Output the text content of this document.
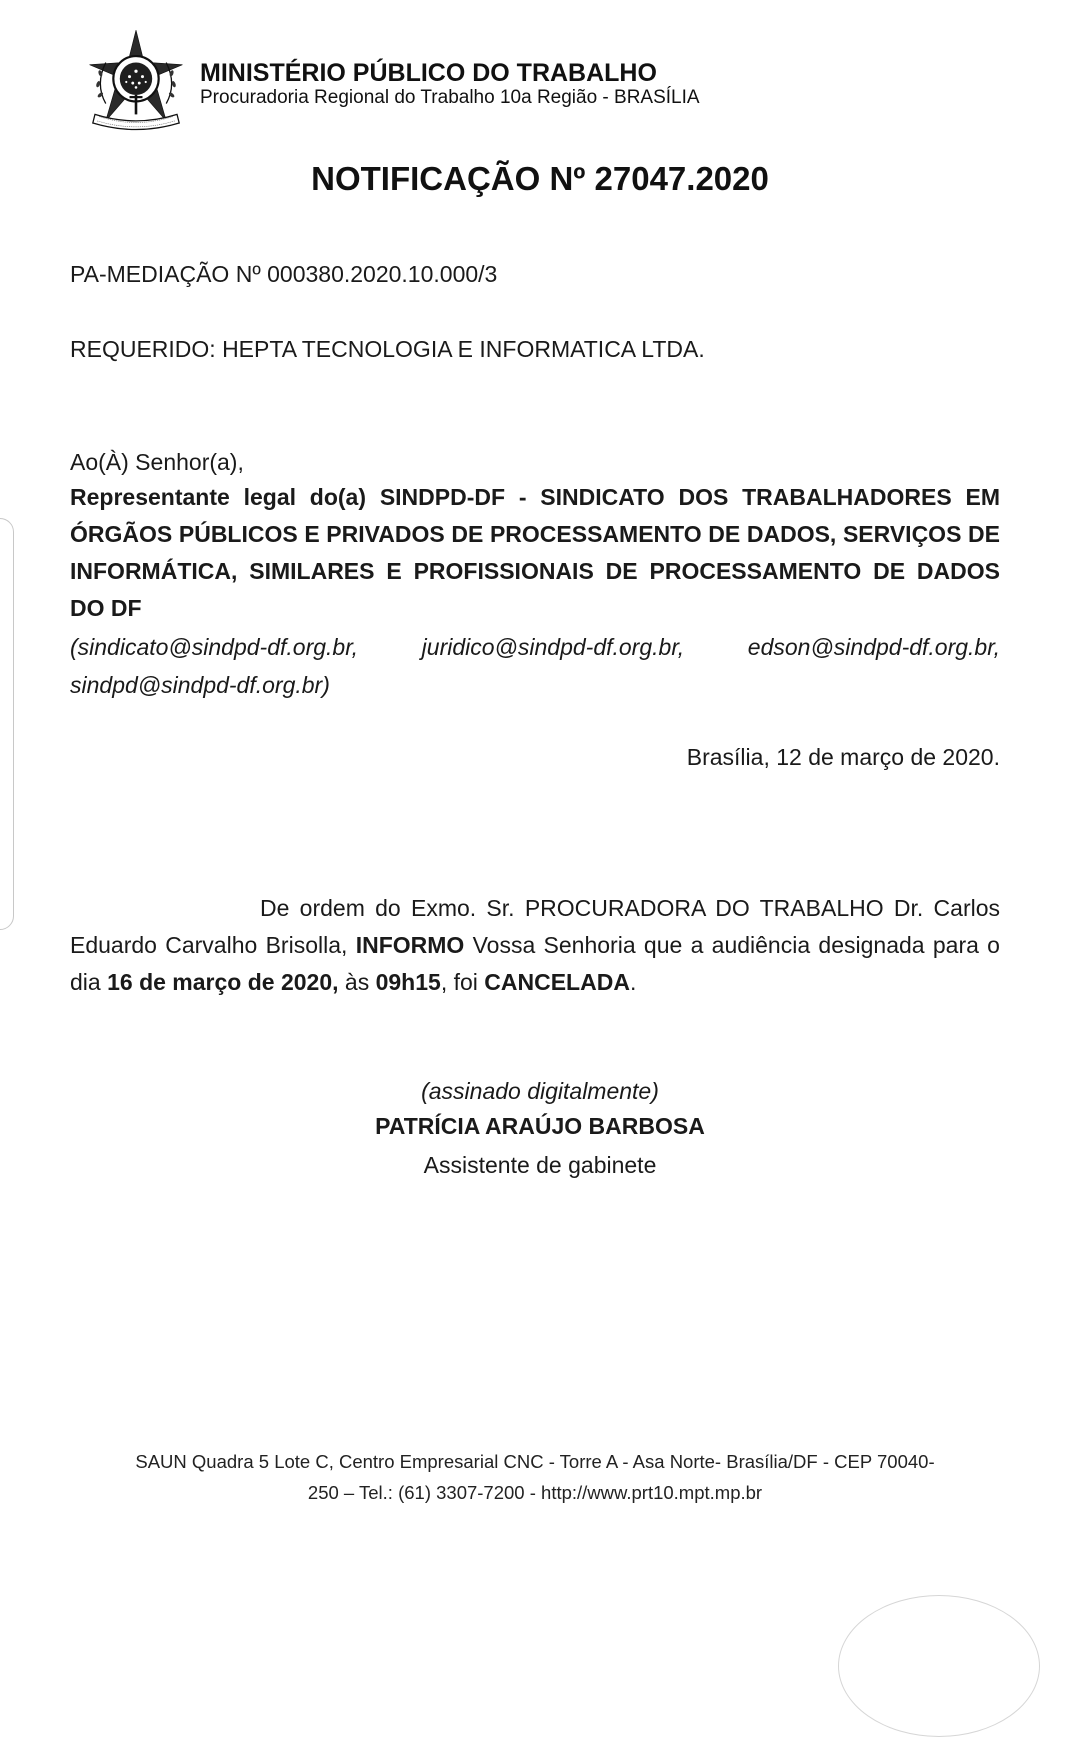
MINISTÉRIO PÚBLICO DO TRABALHO
Procuradoria Regional do Trabalho 10a Região - BRASÍLIA
NOTIFICAÇÃO Nº 27047.2020
PA-MEDIAÇÃO Nº 000380.2020.10.000/3
REQUERIDO: HEPTA TECNOLOGIA E INFORMATICA LTDA.
Ao(À) Senhor(a),
Representante legal do(a) SINDPD-DF - SINDICATO DOS TRABALHADORES EM ÓRGÃOS PÚBLICOS E PRIVADOS DE PROCESSAMENTO DE DADOS, SERVIÇOS DE INFORMÁTICA, SIMILARES E PROFISSIONAIS DE PROCESSAMENTO DE DADOS DO DF
(sindicato@sindpd-df.org.br, juridico@sindpd-df.org.br, edson@sindpd-df.org.br, sindpd@sindpd-df.org.br)
Brasília, 12 de março de 2020.
De ordem do Exmo. Sr. PROCURADORA DO TRABALHO Dr. Carlos Eduardo Carvalho Brisolla, INFORMO Vossa Senhoria que a audiência designada para o dia 16 de março de 2020, às 09h15, foi CANCELADA.
(assinado digitalmente)
PATRÍCIA ARAÚJO BARBOSA
Assistente de gabinete
SAUN Quadra 5 Lote C, Centro Empresarial CNC - Torre A - Asa Norte- Brasília/DF - CEP 70040-
250 – Tel.: (61) 3307-7200 - http://www.prt10.mpt.mp.br
